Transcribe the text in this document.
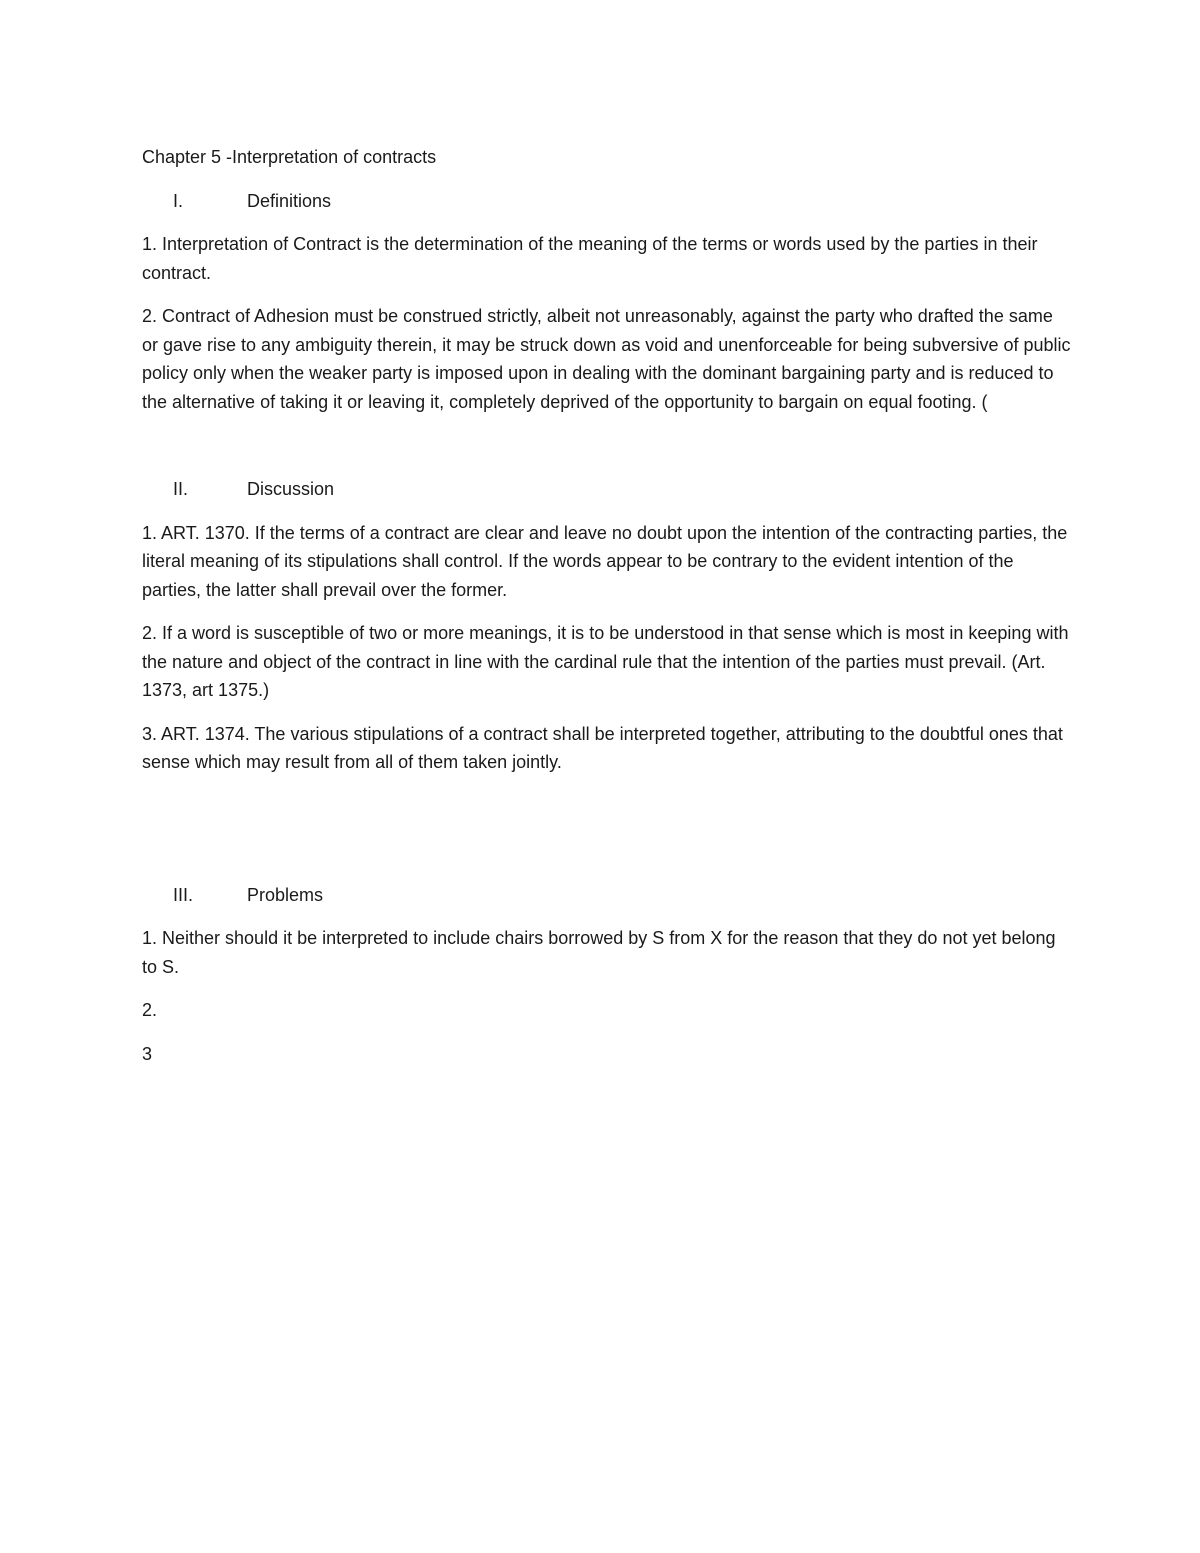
Chapter 5 -Interpretation of contracts
I.	Definitions

1. Interpretation of Contract is the determination of the meaning of the terms or words used by the parties in their contract.

2. Contract of Adhesion must be construed strictly, albeit not unreasonably, against the party who drafted the same or gave rise to any ambiguity therein, it may be struck down as void and unenforceable for being subversive of public policy only when the weaker party is imposed upon in dealing with the dominant bargaining party and is reduced to the alternative of taking it or leaving it, completely deprived of the opportunity to bargain on equal footing. (

II.	Discussion

1. ART. 1370. If the terms of a contract are clear and leave no doubt upon the intention of the contracting parties, the literal meaning of its stipulations shall control. If the words appear to be contrary to the evident intention of the parties, the latter shall prevail over the former.

2. If a word is susceptible of two or more meanings, it is to be understood in that sense which is most in keeping with the nature and object of the contract in line with the cardinal rule that the intention of the parties must prevail. (Art. 1373, art 1375.)

3. ART. 1374. The various stipulations of a contract shall be interpreted together, attributing to the doubtful ones that sense which may result from all of them taken jointly.

III.	Problems

1. Neither should it be interpreted to include chairs borrowed by S from X for the reason that they do not yet belong to S.

2.

3
